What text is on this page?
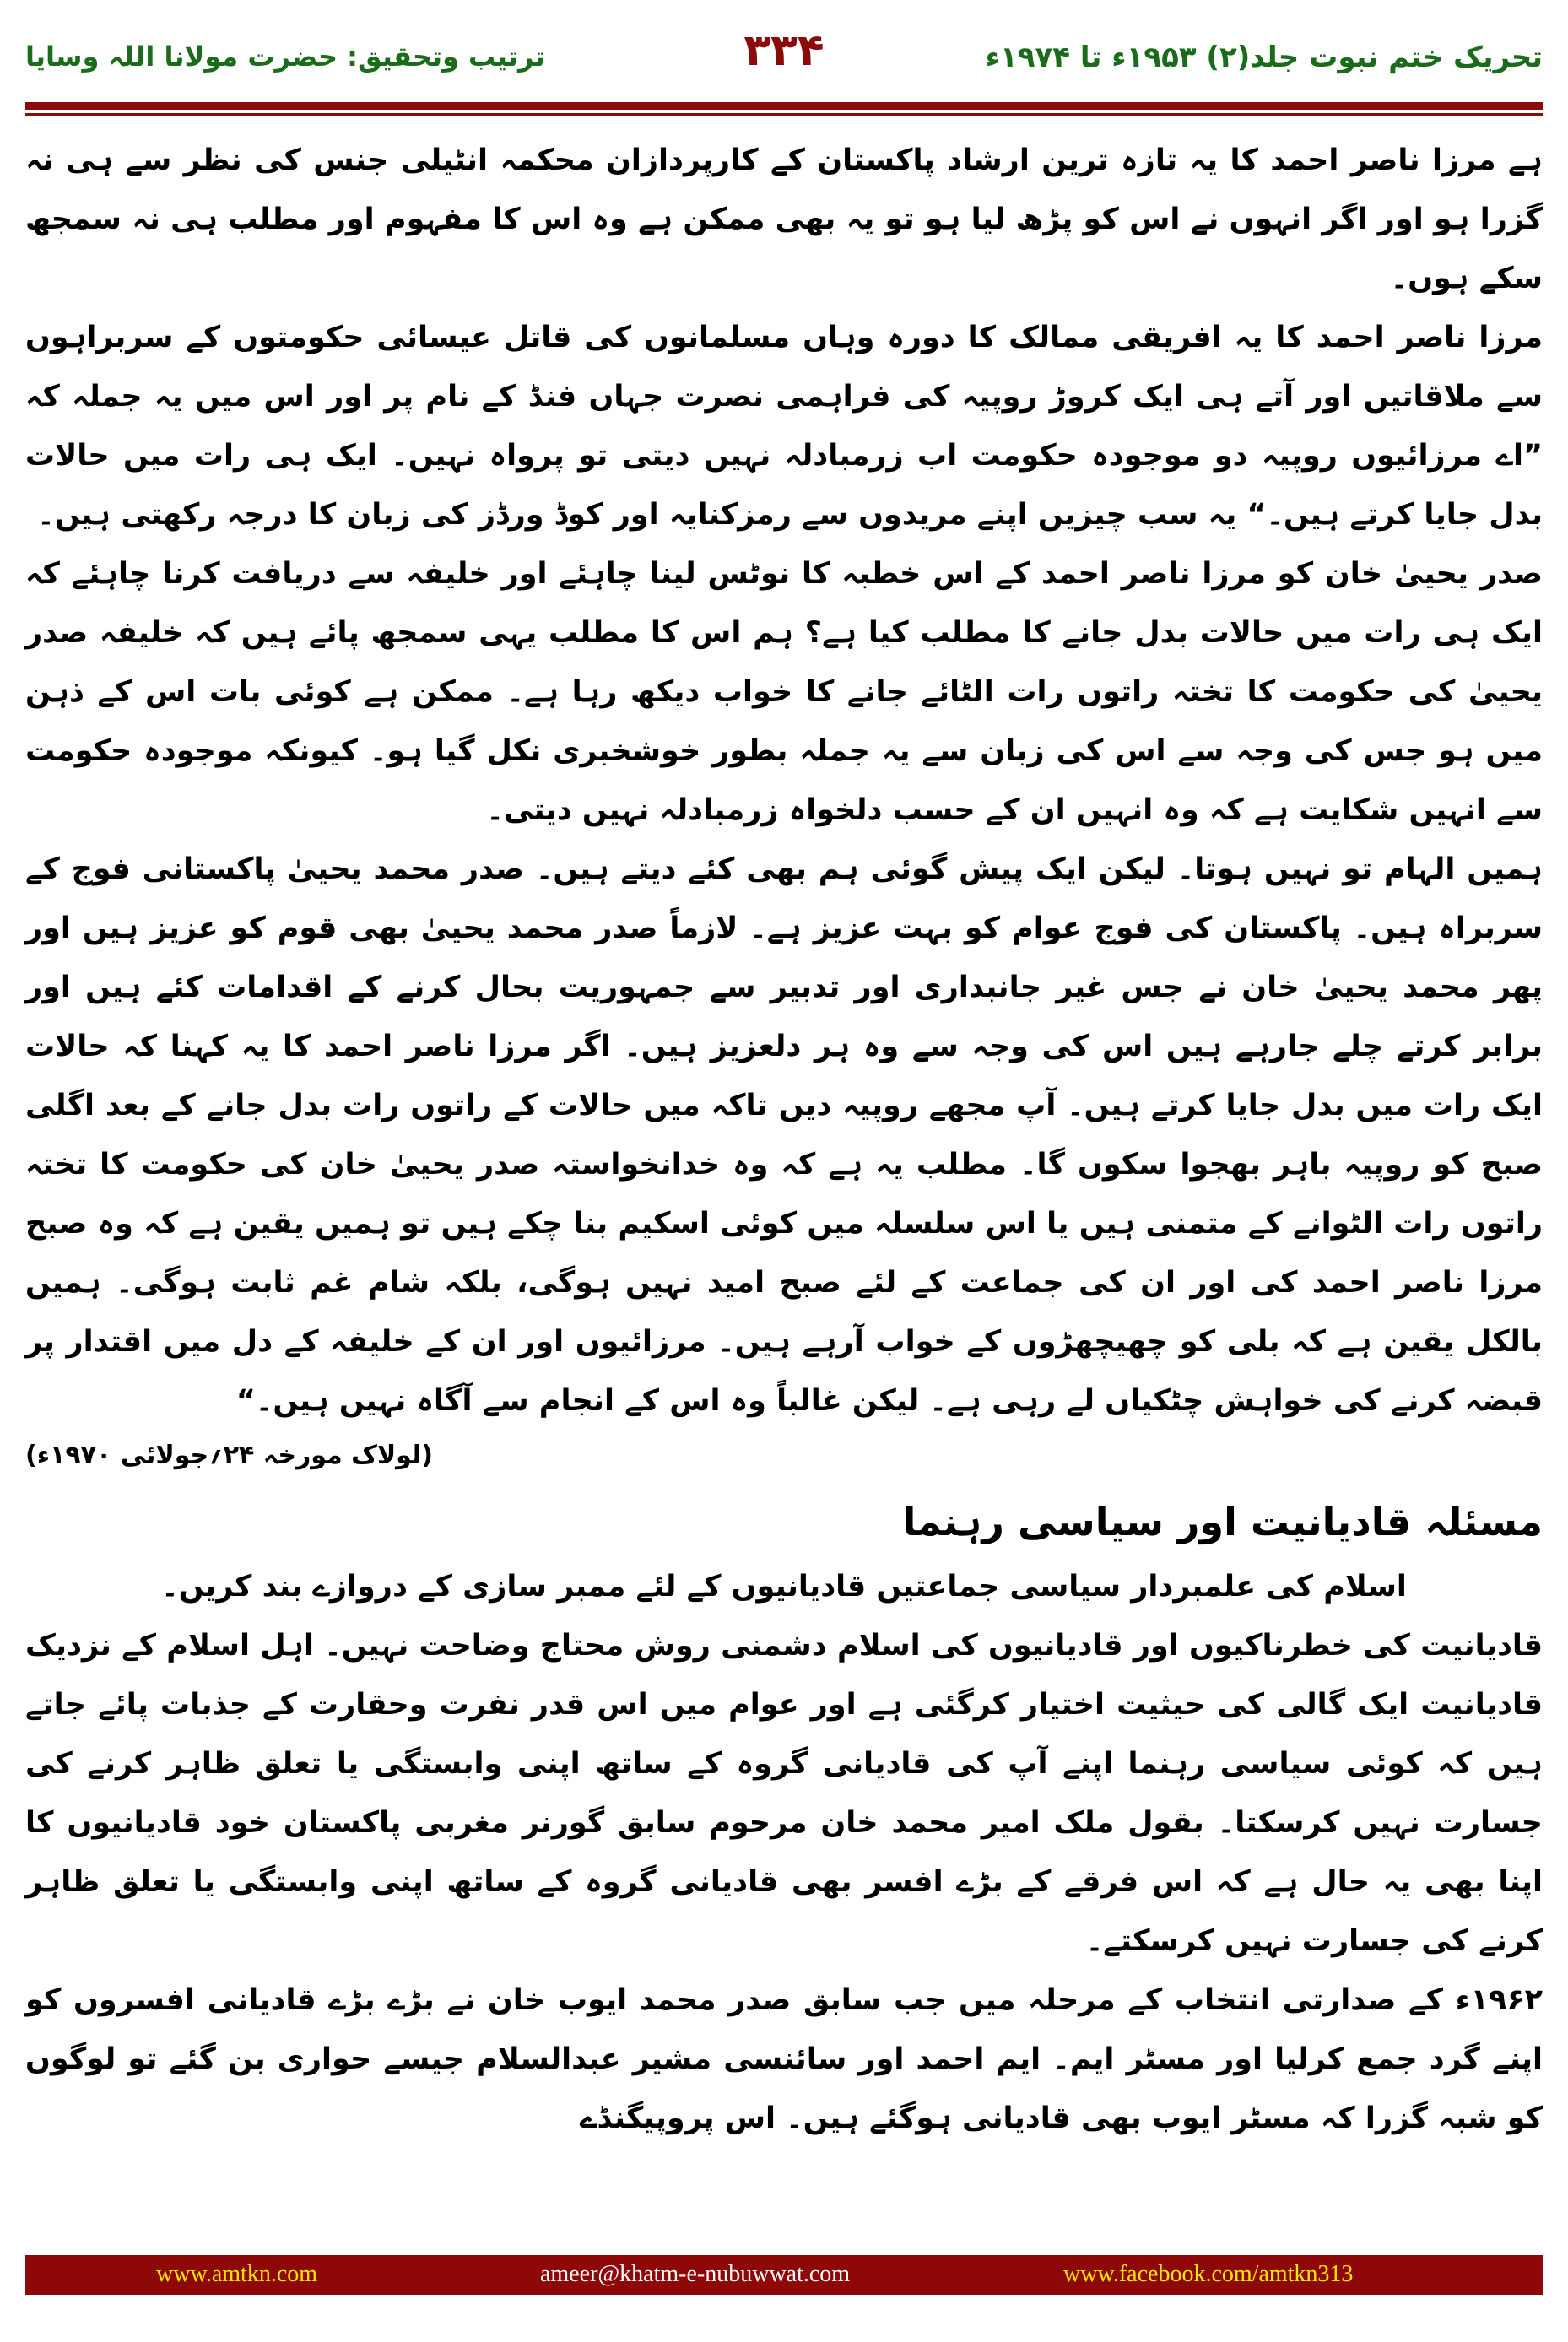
تحریک ختم نبوت جلد(۲) ۱۹۵۳ء تا ۱۹۷۴ء
۳۳۴
ترتیب وتحقیق: حضرت مولانا اللہ وسایا

ہے مرزا ناصر احمد کا یہ تازہ ترین ارشاد پاکستان کے کارپردازان محکمہ انٹیلی جنس کی نظر سے ہی نہ گزرا ہو اور اگر انہوں نے اس کو پڑھ لیا ہو تو یہ بھی ممکن ہے وہ اس کا مفہوم اور مطلب ہی نہ سمجھ سکے ہوں۔

مرزا ناصر احمد کا یہ افریقی ممالک کا دورہ وہاں مسلمانوں کی قاتل عیسائی حکومتوں کے سربراہوں سے ملاقاتیں اور آتے ہی ایک کروڑ روپیہ کی فراہمی نصرت جہاں فنڈ کے نام پر اور اس میں یہ جملہ کہ ”اے مرزائیوں روپیہ دو موجودہ حکومت اب زرمبادلہ نہیں دیتی تو پرواہ نہیں۔ ایک ہی رات میں حالات بدل جایا کرتے ہیں۔“ یہ سب چیزیں اپنے مریدوں سے رمزکنایہ اور کوڈ ورڈز کی زبان کا درجہ رکھتی ہیں۔

صدر یحییٰ خان کو مرزا ناصر احمد کے اس خطبہ کا نوٹس لینا چاہئے اور خلیفہ سے دریافت کرنا چاہئے کہ ایک ہی رات میں حالات بدل جانے کا مطلب کیا ہے؟ ہم اس کا مطلب یہی سمجھ پائے ہیں کہ خلیفہ صدر یحییٰ کی حکومت کا تختہ راتوں رات الٹائے جانے کا خواب دیکھ رہا ہے۔ ممکن ہے کوئی بات اس کے ذہن میں ہو جس کی وجہ سے اس کی زبان سے یہ جملہ بطور خوشخبری نکل گیا ہو۔ کیونکہ موجودہ حکومت سے انہیں شکایت ہے کہ وہ انہیں ان کے حسب دلخواہ زرمبادلہ نہیں دیتی۔

ہمیں الہام تو نہیں ہوتا۔ لیکن ایک پیش گوئی ہم بھی کئے دیتے ہیں۔ صدر محمد یحییٰ پاکستانی فوج کے سربراہ ہیں۔ پاکستان کی فوج عوام کو بہت عزیز ہے۔ لازماً صدر محمد یحییٰ بھی قوم کو عزیز ہیں اور پھر محمد یحییٰ خان نے جس غیر جانبداری اور تدبیر سے جمہوریت بحال کرنے کے اقدامات کئے ہیں اور برابر کرتے چلے جارہے ہیں اس کی وجہ سے وہ ہر دلعزیز ہیں۔ اگر مرزا ناصر احمد کا یہ کہنا کہ حالات ایک رات میں بدل جایا کرتے ہیں۔ آپ مجھے روپیہ دیں تاکہ میں حالات کے راتوں رات بدل جانے کے بعد اگلی صبح کو روپیہ باہر بھجوا سکوں گا۔ مطلب یہ ہے کہ وہ خدانخواستہ صدر یحییٰ خان کی حکومت کا تختہ راتوں رات الٹوانے کے متمنی ہیں یا اس سلسلہ میں کوئی اسکیم بنا چکے ہیں تو ہمیں یقین ہے کہ وہ صبح مرزا ناصر احمد کی اور ان کی جماعت کے لئے صبح امید نہیں ہوگی، بلکہ شام غم ثابت ہوگی۔ ہمیں بالکل یقین ہے کہ بلی کو چھیچھڑوں کے خواب آرہے ہیں۔ مرزائیوں اور ان کے خلیفہ کے دل میں اقتدار پر قبضہ کرنے کی خواہش چٹکیاں لے رہی ہے۔ لیکن غالباً وہ اس کے انجام سے آگاہ نہیں ہیں۔“

(لولاک مورخہ ۲۴؍جولائی ۱۹۷۰ء)

مسئلہ قادیانیت اور سیاسی رہنما

اسلام کی علمبردار سیاسی جماعتیں قادیانیوں کے لئے ممبر سازی کے دروازے بند کریں۔

قادیانیت کی خطرناکیوں اور قادیانیوں کی اسلام دشمنی روش محتاج وضاحت نہیں۔ اہل اسلام کے نزدیک قادیانیت ایک گالی کی حیثیت اختیار کرگئی ہے اور عوام میں اس قدر نفرت وحقارت کے جذبات پائے جاتے ہیں کہ کوئی سیاسی رہنما اپنے آپ کی قادیانی گروہ کے ساتھ اپنی وابستگی یا تعلق ظاہر کرنے کی جسارت نہیں کرسکتا۔ بقول ملک امیر محمد خان مرحوم سابق گورنر مغربی پاکستان خود قادیانیوں کا اپنا بھی یہ حال ہے کہ اس فرقے کے بڑے افسر بھی قادیانی گروہ کے ساتھ اپنی وابستگی یا تعلق ظاہر کرنے کی جسارت نہیں کرسکتے۔

۱۹۶۲ء کے صدارتی انتخاب کے مرحلہ میں جب سابق صدر محمد ایوب خان نے بڑے بڑے قادیانی افسروں کو اپنے گرد جمع کرلیا اور مسٹر ایم۔ ایم احمد اور سائنسی مشیر عبدالسلام جیسے حواری بن گئے تو لوگوں کو شبہ گزرا کہ مسٹر ایوب بھی قادیانی ہوگئے ہیں۔ اس پروپیگنڈے

www.amtkn.com	ameer@khatm-e-nubuwwat.com	www.facebook.com/amtkn313
